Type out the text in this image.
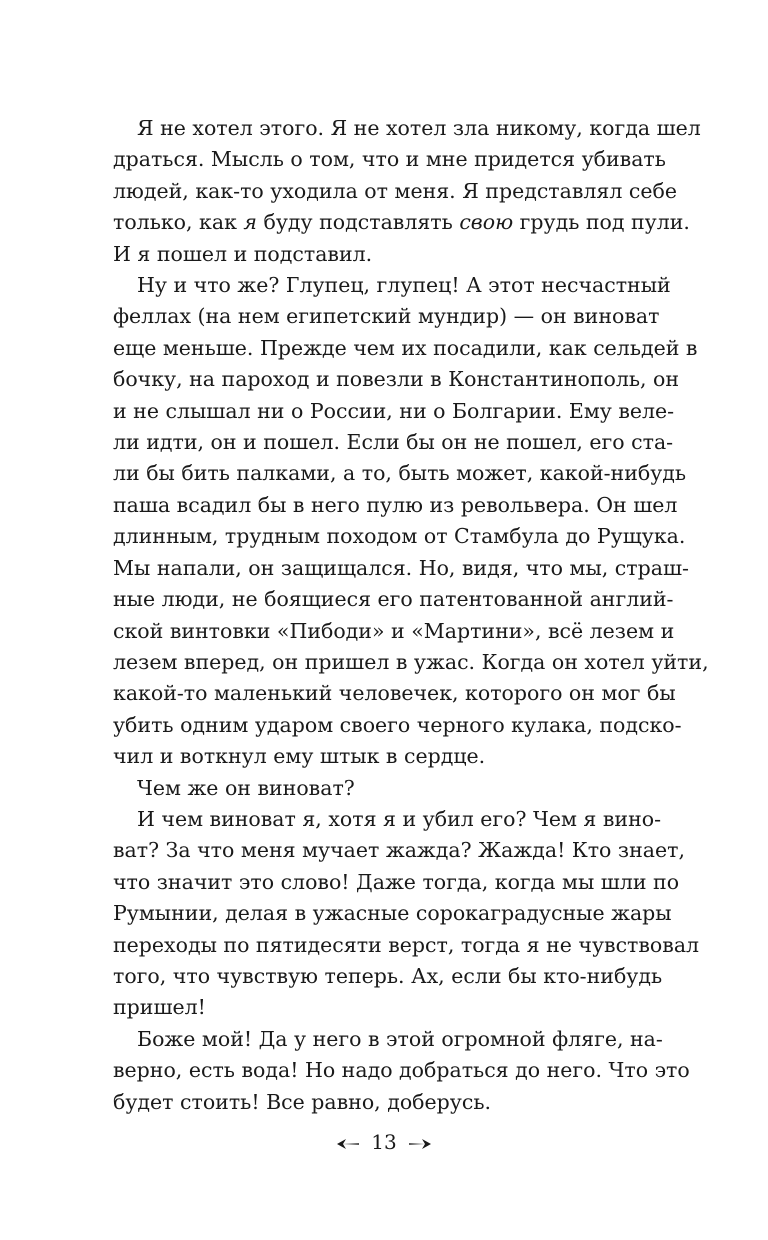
Я не хотел этого. Я не хотел зла никому, когда шел
драться. Мысль о том, что и мне придется убивать
людей, как-то уходила от меня. Я представлял себе
только, как я буду подставлять свою грудь под пули.
И я пошел и подставил.

Ну и что же? Глупец, глупец! А этот несчастный
феллах (на нем египетский мундир) — он виноват
еще меньше. Прежде чем их посадили, как сельдей в
бочку, на пароход и повезли в Константинополь, он
и не слышал ни о России, ни о Болгарии. Ему веле-
ли идти, он и пошел. Если бы он не пошел, его ста-
ли бы бить палками, а то, быть может, какой-нибудь
паша всадил бы в него пулю из револьвера. Он шел
длинным, трудным походом от Стамбула до Рущука.
Мы напали, он защищался. Но, видя, что мы, страш-
ные люди, не боящиеся его патентованной англий-
ской винтовки «Пибоди» и «Мартини», всё лезем и
лезем вперед, он пришел в ужас. Когда он хотел уйти,
какой-то маленький человечек, которого он мог бы
убить одним ударом своего черного кулака, подско-
чил и воткнул ему штык в сердце.

Чем же он виноват?

И чем виноват я, хотя я и убил его? Чем я вино-
ват? За что меня мучает жажда? Жажда! Кто знает,
что значит это слово! Даже тогда, когда мы шли по
Румынии, делая в ужасные сорокаградусные жары
переходы по пятидесяти верст, тогда я не чувствовал
того, что чувствую теперь. Ах, если бы кто-нибудь
пришел!

Боже мой! Да у него в этой огромной фляге, на-
верно, есть вода! Но надо добраться до него. Что это
будет стоить! Все равно, доберусь.

13
